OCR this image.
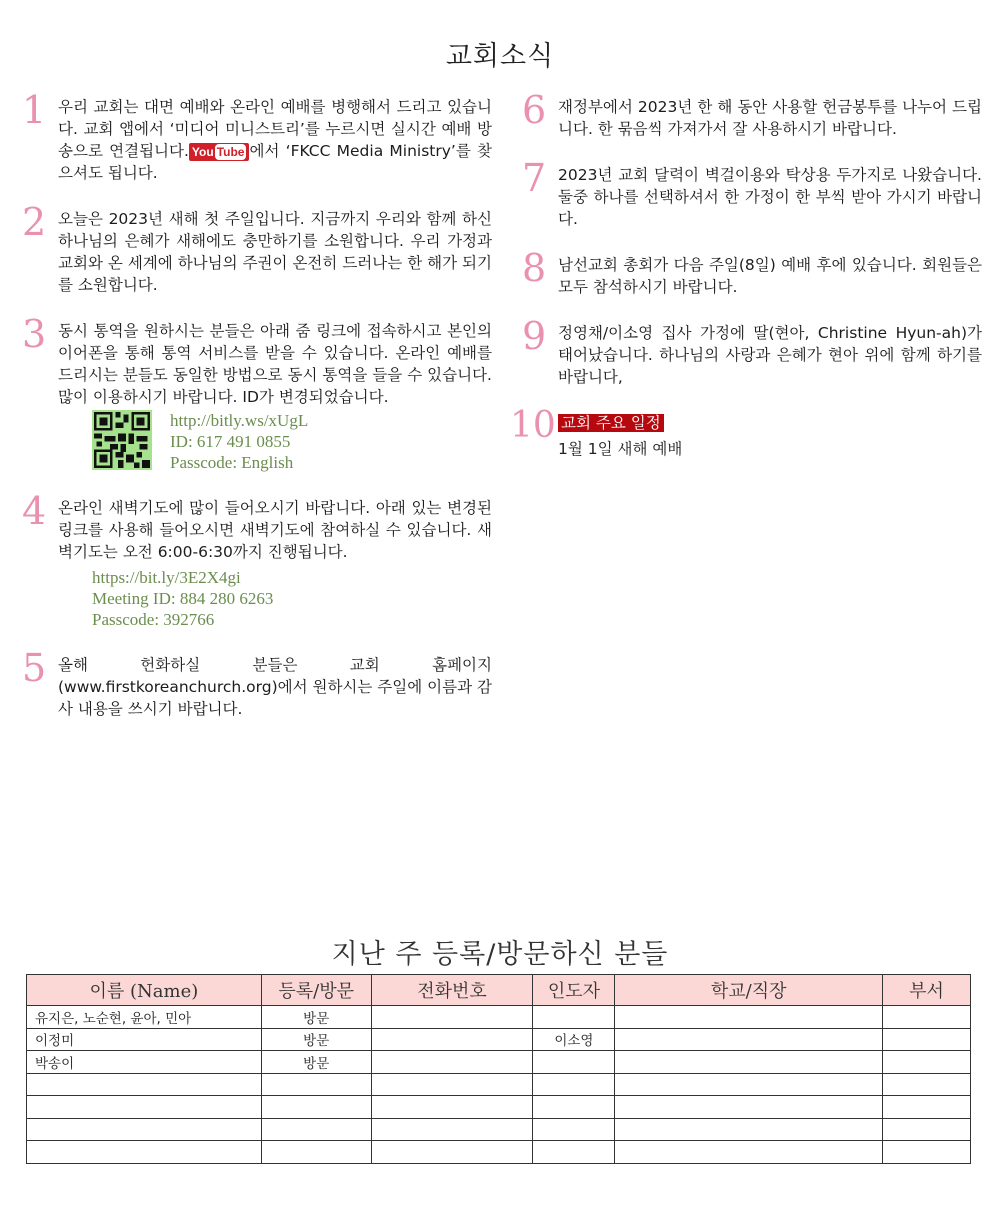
교회소식
1 우리 교회는 대면 예배와 온라인 예배를 병행해서 드리고 있습니다. 교회 앱에서 ‘미디어 미니스트리’를 누르시면 실시간 예배 방송으로 연결됩니다. You Tube 에서 ‘FKCC Media Ministry’를 찾으셔도 됩니다.
2 오늘은 2023년 새해 첫 주일입니다. 지금까지 우리와 함께 하신 하나님의 은혜가 새해에도 충만하기를 소원합니다. 우리 가정과 교회와 온 세계에 하나님의 주권이 온전히 드러나는 한 해가 되기를 소원합니다.
3 동시 통역을 원하시는 분들은 아래 줌 링크에 접속하시고 본인의 이어폰을 통해 통역 서비스를 받을 수 있습니다. 온라인 예배를 드리시는 분들도 동일한 방법으로 동시 통역을 들을 수 있습니다. 많이 이용하시기 바랍니다. ID가 변경되었습니다.
http://bitly.ws/xUgL
ID: 617 491 0855
Passcode: English
4 온라인 새벽기도에 많이 들어오시기 바랍니다. 아래 있는 변경된 링크를 사용해 들어오시면 새벽기도에 참여하실 수 있습니다. 새벽기도는 오전 6:00-6:30까지 진행됩니다.
https://bit.ly/3E2X4gi
Meeting ID: 884 280 6263
Passcode: 392766
5 올해 헌화하실 분들은 교회 홈페이지(www.firstkoreanchurch.org)에서 원하시는 주일에 이름과 감사 내용을 쓰시기 바랍니다.
6 재정부에서 2023년 한 해 동안 사용할 헌금봉투를 나누어 드립니다. 한 묶음씩 가져가서 잘 사용하시기 바랍니다.
7 2023년 교회 달력이 벽걸이용와 탁상용 두가지로 나왔습니다. 둘중 하나를 선택하셔서 한 가정이 한 부씩 받아 가시기 바랍니다.
8 남선교회 총회가 다음 주일(8일) 예배 후에 있습니다. 회원들은 모두 참석하시기 바랍니다.
9 정영채/이소영 집사 가정에 딸(현아, Christine Hyun-ah)가 태어났습니다. 하나님의 사랑과 은혜가 현아 위에 함께 하기를 바랍니다,
10 교회 주요 일정
1월 1일 새해 예배
지난 주 등록/방문하신 분들
이름 (Name)	등록/방문	전화번호	인도자	학교/직장	부서
유지은, 노순현, 윤아, 민아	방문				
이정미	방문		이소영		
박송이	방문				
